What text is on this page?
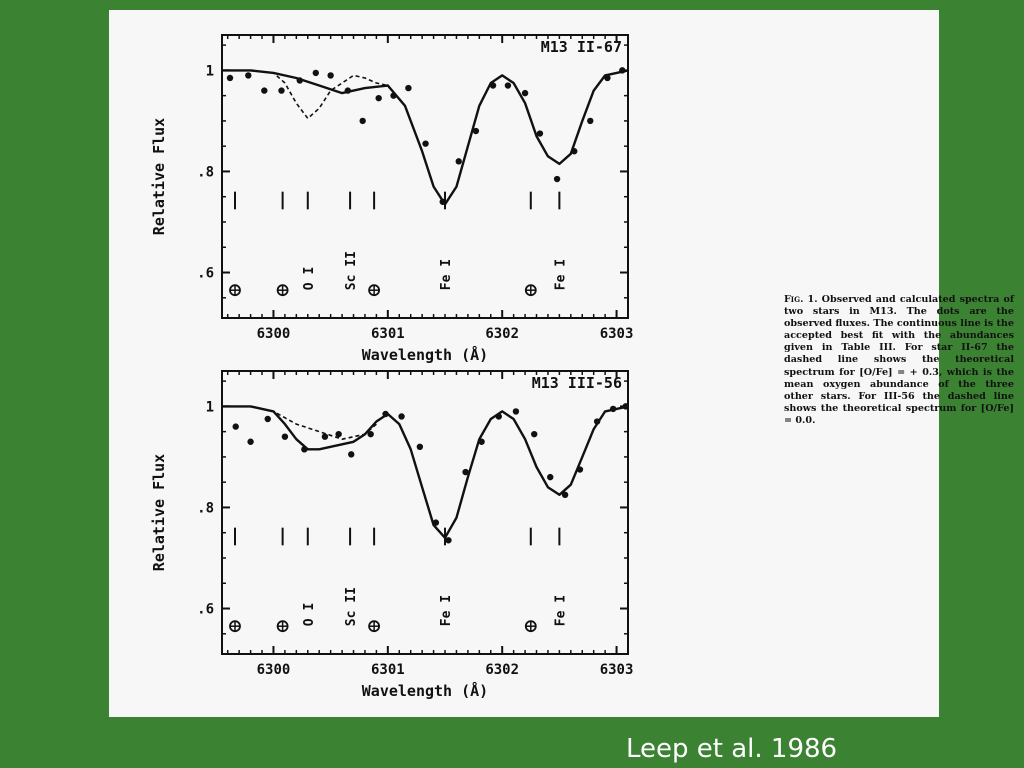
M13 II-67
6300	6301	6302	6303
.6
.8
1
Wavelength (Å)
Relative Flux
O I Sc II	Fe I	Fe I
M13 III-56
6300	6301	6302	6303
.6
.8
1
Wavelength (Å)
Relative Flux
O I Sc II	Fe I	Fe I
Fig. 1. Observed and calculated spectra of two stars in M13. The dots are the observed fluxes. The continuous line is the accepted best fit with the abundances given in Table III. For star II-67 the dashed line shows the theoretical spectrum for [O/Fe] = + 0.3, which is the mean oxygen abundance of the three other stars. For III-56 the dashed line shows the theoretical spectrum for [O/Fe] = 0.0.
Leep et al. 1986
